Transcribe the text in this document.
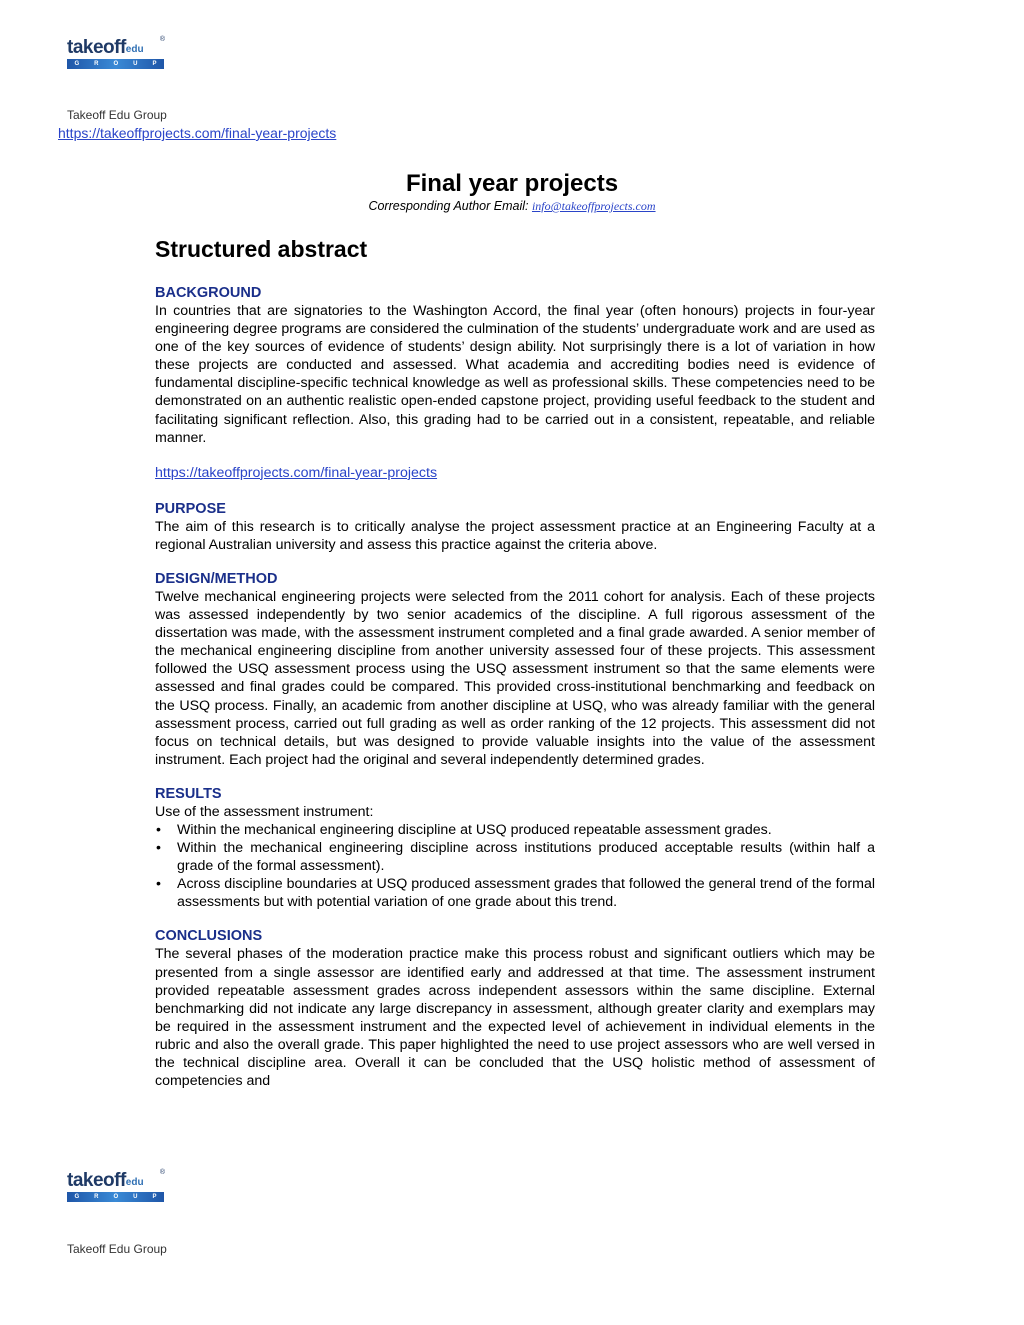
takeoffedu
®
G R O U P
Takeoff Edu Group
https://takeoffprojects.com/final-year-projects
Final year projects
Corresponding Author Email: info@takeoffprojects.com
Structured abstract
BACKGROUND

In countries that are signatories to the Washington Accord, the final year (often honours) projects in four-year engineering degree programs are considered the culmination of the students’ undergraduate work and are used as one of the key sources of evidence of students’ design ability. Not surprisingly there is a lot of variation in how these projects are conducted and assessed. What academia and accrediting bodies need is evidence of fundamental discipline-specific technical knowledge as well as professional skills. These competencies need to be demonstrated on an authentic realistic open-ended capstone project, providing useful feedback to the student and facilitating significant reflection. Also, this grading had to be carried out in a consistent, repeatable, and reliable manner.

https://takeoffprojects.com/final-year-projects
PURPOSE

The aim of this research is to critically analyse the project assessment practice at an Engineering Faculty at a regional Australian university and assess this practice against the criteria above.

DESIGN/METHOD

Twelve mechanical engineering projects were selected from the 2011 cohort for analysis. Each of these projects was assessed independently by two senior academics of the discipline. A full rigorous assessment of the dissertation was made, with the assessment instrument completed and a final grade awarded. A senior member of the mechanical engineering discipline from another university assessed four of these projects. This assessment followed the USQ assessment process using the USQ assessment instrument so that the same elements were assessed and final grades could be compared. This provided cross-institutional benchmarking and feedback on the USQ process. Finally, an academic from another discipline at USQ, who was already familiar with the general assessment process, carried out full grading as well as order ranking of the 12 projects. This assessment did not focus on technical details, but was designed to provide valuable insights into the value of the assessment instrument. Each project had the original and several independently determined grades.

RESULTS

Use of the assessment instrument:

• Within the mechanical engineering discipline at USQ produced repeatable assessment grades.
• Within the mechanical engineering discipline across institutions produced acceptable results (within half a grade of the formal assessment).
• Across discipline boundaries at USQ produced assessment grades that followed the general trend of the formal assessments but with potential variation of one grade about this trend.
CONCLUSIONS

The several phases of the moderation practice make this process robust and significant outliers which may be presented from a single assessor are identified early and addressed at that time. The assessment instrument provided repeatable assessment grades across independent assessors within the same discipline. External benchmarking did not indicate any large discrepancy in assessment, although greater clarity and exemplars may be required in the assessment instrument and the expected level of achievement in individual elements in the rubric and also the overall grade. This paper highlighted the need to use project assessors who are well versed in the technical discipline area. Overall it can be concluded that the USQ holistic method of assessment of competencies and

takeoffedu
®
G R O U P
Takeoff Edu Group
